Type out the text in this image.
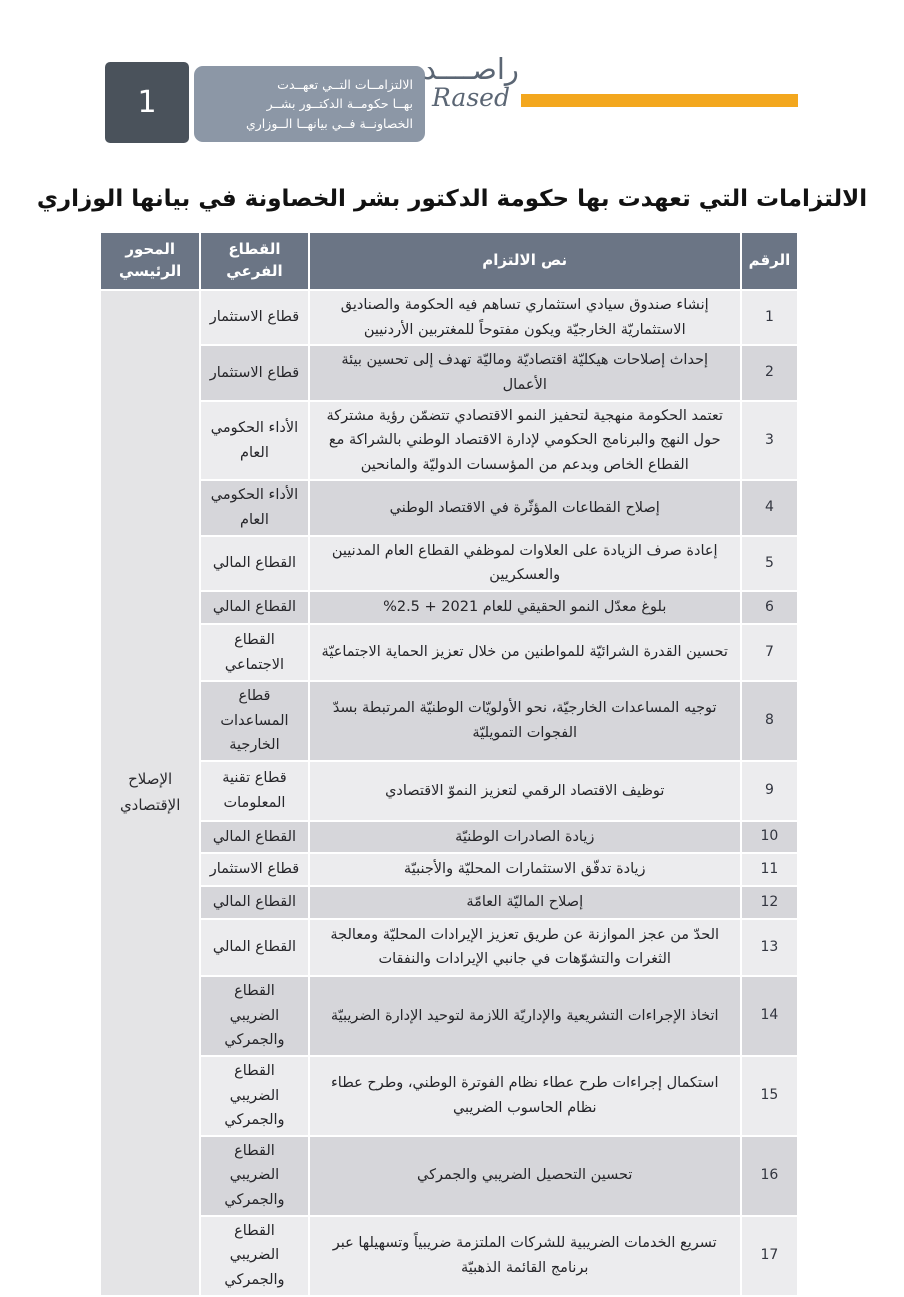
1
الالتزامــات التــي تعهــدت
بهــا حكومــة الدكتــور بشــر
الخصاونــة فــي بيانهــا الــوزاري
راصــــد
Rased
الالتزامات التي تعهدت بها حكومة الدكتور بشر الخصاونة في بيانها الوزاري
الرقم	نص الالتزام	القطاع الفرعي	المحور الرئيسي
1	إنشاء صندوق سيادي استثماري تساهم فيه الحكومة والصناديق الاستثماريّة الخارجيّة ويكون مفتوحاً للمغتربين الأردنيين	قطاع الاستثمار	الإصلاح الإقتصادي
2	إحداث إصلاحات هيكليّة اقتصاديّة وماليّة تهدف إلى تحسين بيئة الأعمال	قطاع الاستثمار	
3	تعتمد الحكومة منهجية لتحفيز النمو الاقتصادي تتضمّن رؤية مشتركة حول النهج والبرنامج الحكومي لإدارة الاقتصاد الوطني بالشراكة مع القطاع الخاص وبدعم من المؤسسات الدوليّة والمانحين	الأداء الحكومي العام	
4	إصلاح القطاعات المؤثّرة في الاقتصاد الوطني	الأداء الحكومي العام	
5	إعادة صرف الزيادة على العلاوات لموظفي القطاع العام المدنيين والعسكريين	القطاع المالي	
6	بلوغ معدّل النمو الحقيقي للعام 2021 + 2.5%	القطاع المالي	
7	تحسين القدرة الشرائيّة للمواطنين من خلال تعزيز الحماية الاجتماعيّة	القطاع الاجتماعي	
8	توجيه المساعدات الخارجيّة، نحو الأولويّات الوطنيّة المرتبطة بسدّ الفجوات التمويليّة	قطاع المساعدات الخارجية	
9	توظيف الاقتصاد الرقمي لتعزيز النموّ الاقتصادي	قطاع تقنية المعلومات	
10	زيادة الصادرات الوطنيّة	القطاع المالي	
11	زيادة تدفّق الاستثمارات المحليّة والأجنبيّة	قطاع الاستثمار	
12	إصلاح الماليّة العامّة	القطاع المالي	
13	الحدّ من عجز الموازنة عن طريق تعزيز الإيرادات المحليّة ومعالجة الثغرات والتشوّهات في جانبي الإيرادات والنفقات	القطاع المالي	
14	اتخاذ الإجراءات التشريعية والإداريّة اللازمة لتوحيد الإدارة الضريبيّة	القطاع الضريبي والجمركي	
15	استكمال إجراءات طرح عطاء نظام الفوترة الوطني، وطرح عطاء نظام الحاسوب الضريبي	القطاع الضريبي والجمركي	
16	تحسين التحصيل الضريبي والجمركي	القطاع الضريبي والجمركي	
17	تسريع الخدمات الضريبية للشركات الملتزمة ضريبياً وتسهيلها عبر برنامج القائمة الذهبيّة	القطاع الضريبي والجمركي	
